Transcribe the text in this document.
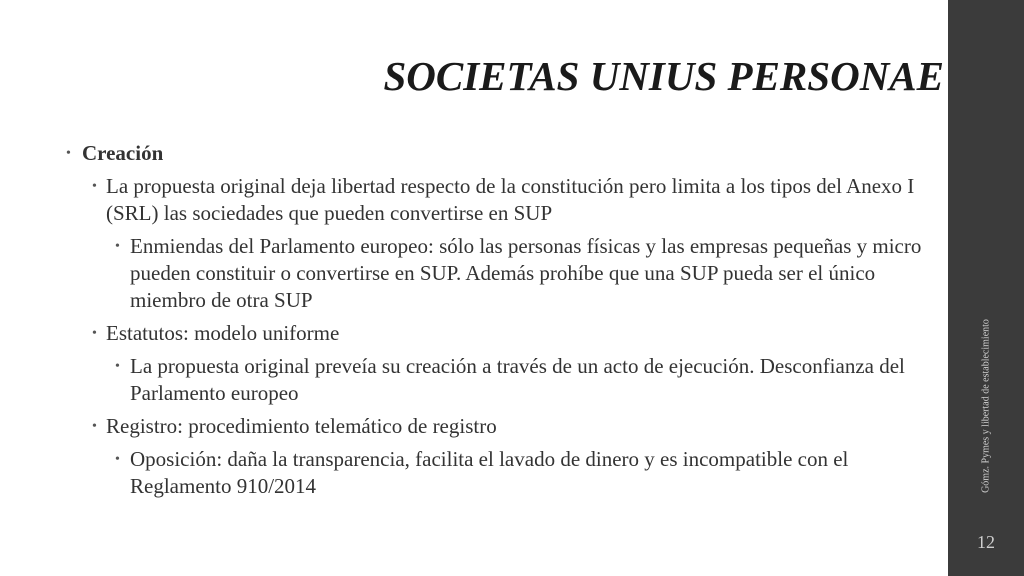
SOCIETAS UNIUS PERSONAE
• Creación
• La propuesta original deja libertad respecto de la constitución pero limita a los tipos del Anexo I (SRL) las sociedades que pueden convertirse en SUP
• Enmiendas del Parlamento europeo: sólo las personas físicas y las empresas pequeñas y micro pueden constituir o convertirse en SUP. Además prohíbe que una SUP pueda ser el único miembro de otra SUP
• Estatutos: modelo uniforme
• La propuesta original preveía su creación a través de un acto de ejecución. Desconfianza del Parlamento europeo
• Registro: procedimiento telemático de registro
• Oposición: daña la transparencia, facilita el lavado de dinero y es incompatible con el Reglamento 910/2014	Gómz. Pymes y libertad de establecimiento
12
